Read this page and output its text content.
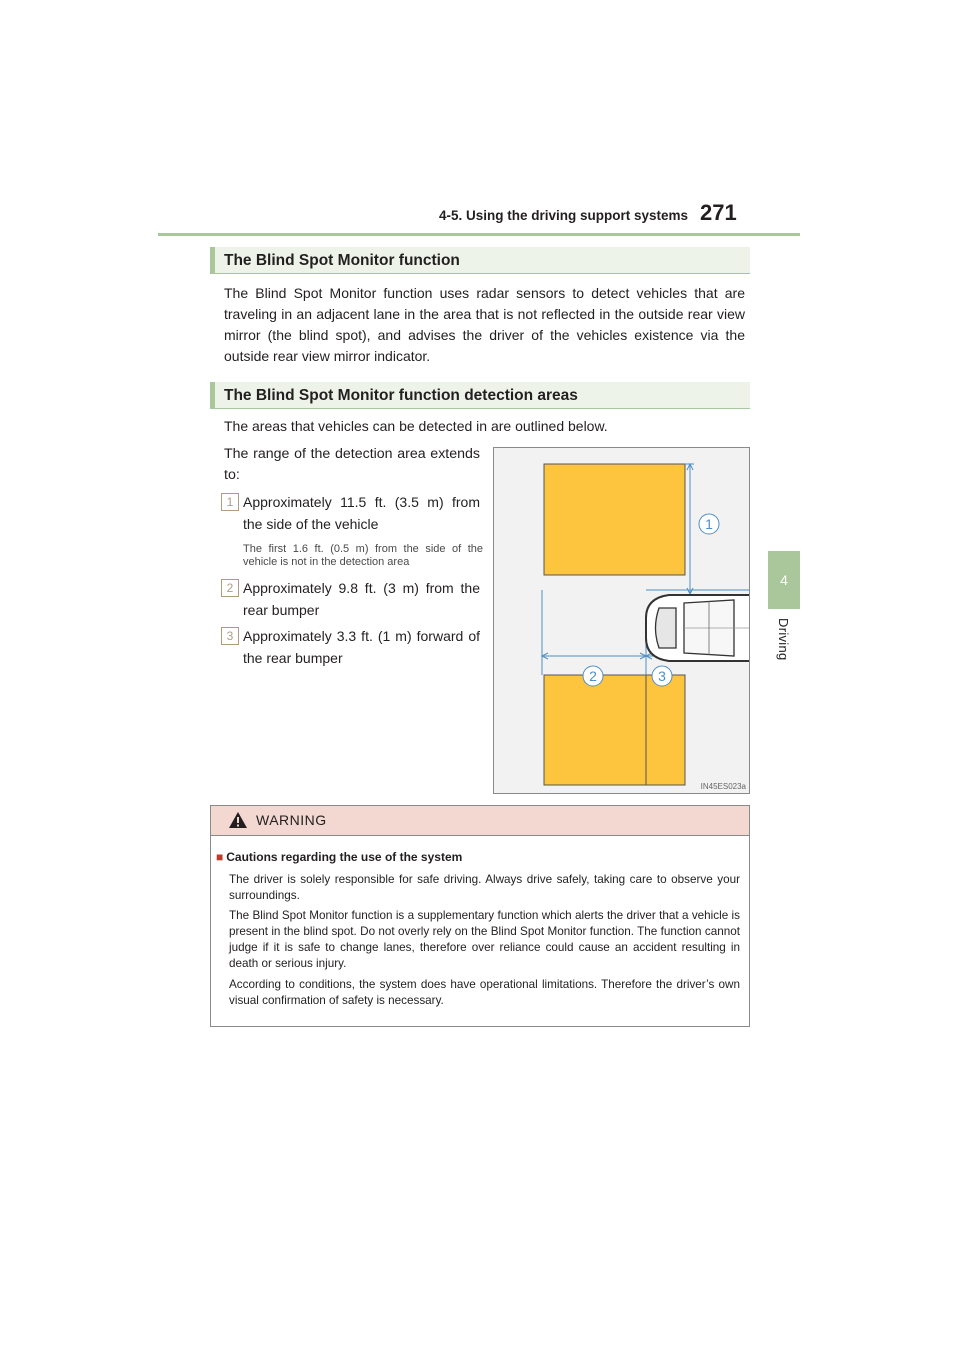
4-5. Using the driving support systems 271
4
Driving
The Blind Spot Monitor function
The Blind Spot Monitor function uses radar sensors to detect vehicles that are traveling in an adjacent lane in the area that is not reflected in the outside rear view mirror (the blind spot), and advises the driver of the vehicles existence via the outside rear view mirror indicator.
The Blind Spot Monitor function detection areas
The areas that vehicles can be detected in are outlined below.
The range of the detection area extends to:
1 Approximately 11.5 ft. (3.5 m) from the side of the vehicle
The first 1.6 ft. (0.5 m) from the side of the vehicle is not in the detection area
2 Approximately 9.8 ft. (3 m) from the rear bumper
3 Approximately 3.3 ft. (1 m) forward of the rear bumper
1
2	3
IN45ES023a
WARNING
■ Cautions regarding the use of the system
The driver is solely responsible for safe driving. Always drive safely, taking care to observe your surroundings.
The Blind Spot Monitor function is a supplementary function which alerts the driver that a vehicle is present in the blind spot. Do not overly rely on the Blind Spot Monitor function. The function cannot judge if it is safe to change lanes, therefore over reliance could cause an accident resulting in death or serious injury.
According to conditions, the system does have operational limitations. Therefore the driver’s own visual confirmation of safety is necessary.
